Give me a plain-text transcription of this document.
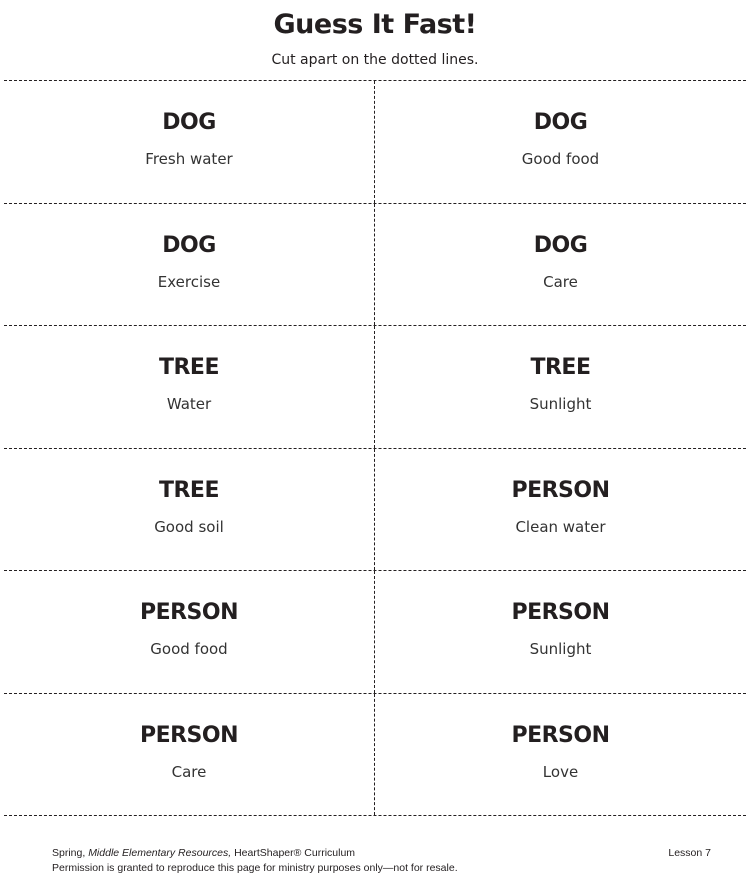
Guess It Fast!
Cut apart on the dotted lines.
DOG
Fresh water
DOG
Good food
DOG
Exercise
DOG
Care
TREE
Water
TREE
Sunlight
TREE
Good soil
PERSON
Clean water
PERSON
Good food
PERSON
Sunlight
PERSON
Care
PERSON
Love
Spring, Middle Elementary Resources, HeartShaper® Curriculum
Permission is granted to reproduce this page for ministry purposes only—not for resale.
Lesson 7
